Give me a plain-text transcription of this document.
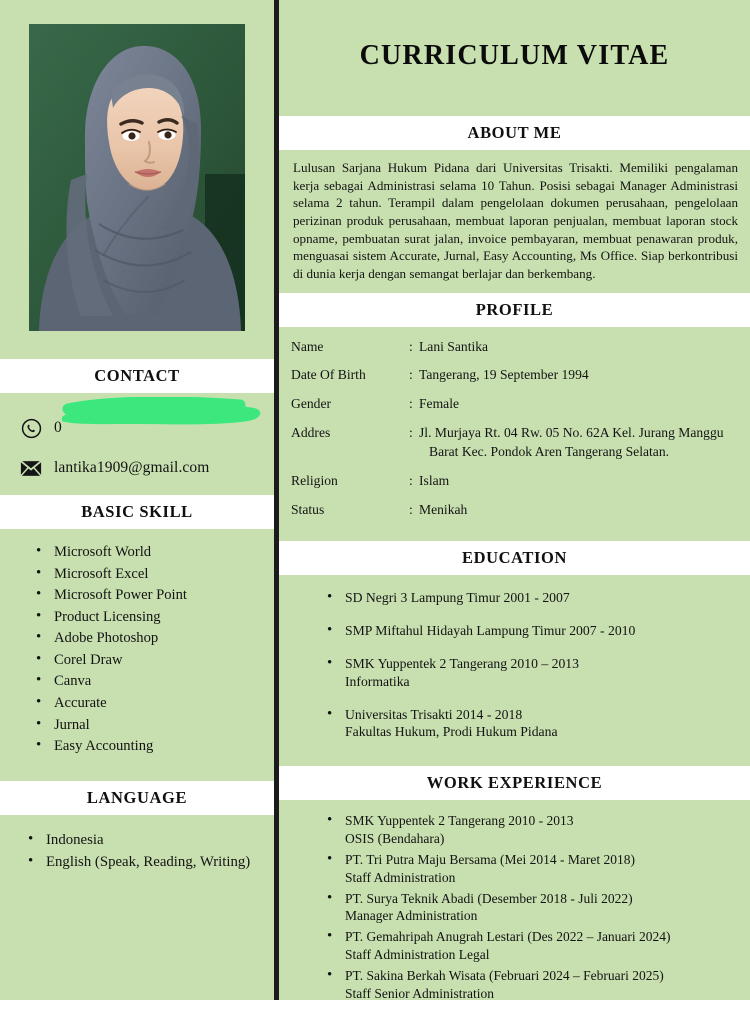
CONTACT
0
lantika1909@gmail.com
BASIC SKILL
• Microsoft World
• Microsoft Excel
• Microsoft Power Point
• Product Licensing
• Adobe Photoshop
• Corel Draw
• Canva
• Accurate
• Jurnal
• Easy Accounting
LANGUAGE
• Indonesia
• English (Speak, Reading, Writing)
CURRICULUM VITAE
ABOUT ME
Lulusan Sarjana Hukum Pidana dari Universitas Trisakti. Memiliki pengalaman kerja sebagai Administrasi selama 10 Tahun. Posisi sebagai Manager Administrasi selama 2 tahun. Terampil dalam pengelolaan dokumen perusahaan, pengelolaan perizinan produk perusahaan, membuat laporan penjualan, membuat laporan stock opname, pembuatan surat jalan, invoice pembayaran, membuat penawaran produk, menguasai sistem Accurate, Jurnal, Easy Accounting, Ms Office. Siap berkontribusi di dunia kerja dengan semangat berlajar dan berkembang.
PROFILE
Name	: Lani Santika
Date Of Birth	: Tangerang, 19 September 1994
Gender	: Female
Addres	: Jl. Murjaya Rt. 04 Rw. 05 No. 62A Kel. Jurang Manggu
Barat Kec. Pondok Aren Tangerang Selatan.
Religion	: Islam
Status	: Menikah
EDUCATION
• SD Negri 3 Lampung Timur 2001 - 2007
• SMP Miftahul Hidayah Lampung Timur 2007 - 2010
• SMK Yuppentek 2 Tangerang 2010 – 2013
Informatika
• Universitas Trisakti 2014 - 2018
Fakultas Hukum, Prodi Hukum Pidana
WORK EXPERIENCE
• SMK Yuppentek 2 Tangerang 2010 - 2013
OSIS (Bendahara)
• PT. Tri Putra Maju Bersama (Mei 2014 - Maret 2018)
Staff Administration
• PT. Surya Teknik Abadi (Desember 2018 - Juli 2022)
Manager Administration
• PT. Gemahripah Anugrah Lestari (Des 2022 – Januari 2024)
Staff Administration Legal
• PT. Sakina Berkah Wisata (Februari 2024 – Februari 2025)
Staff Senior Administration
